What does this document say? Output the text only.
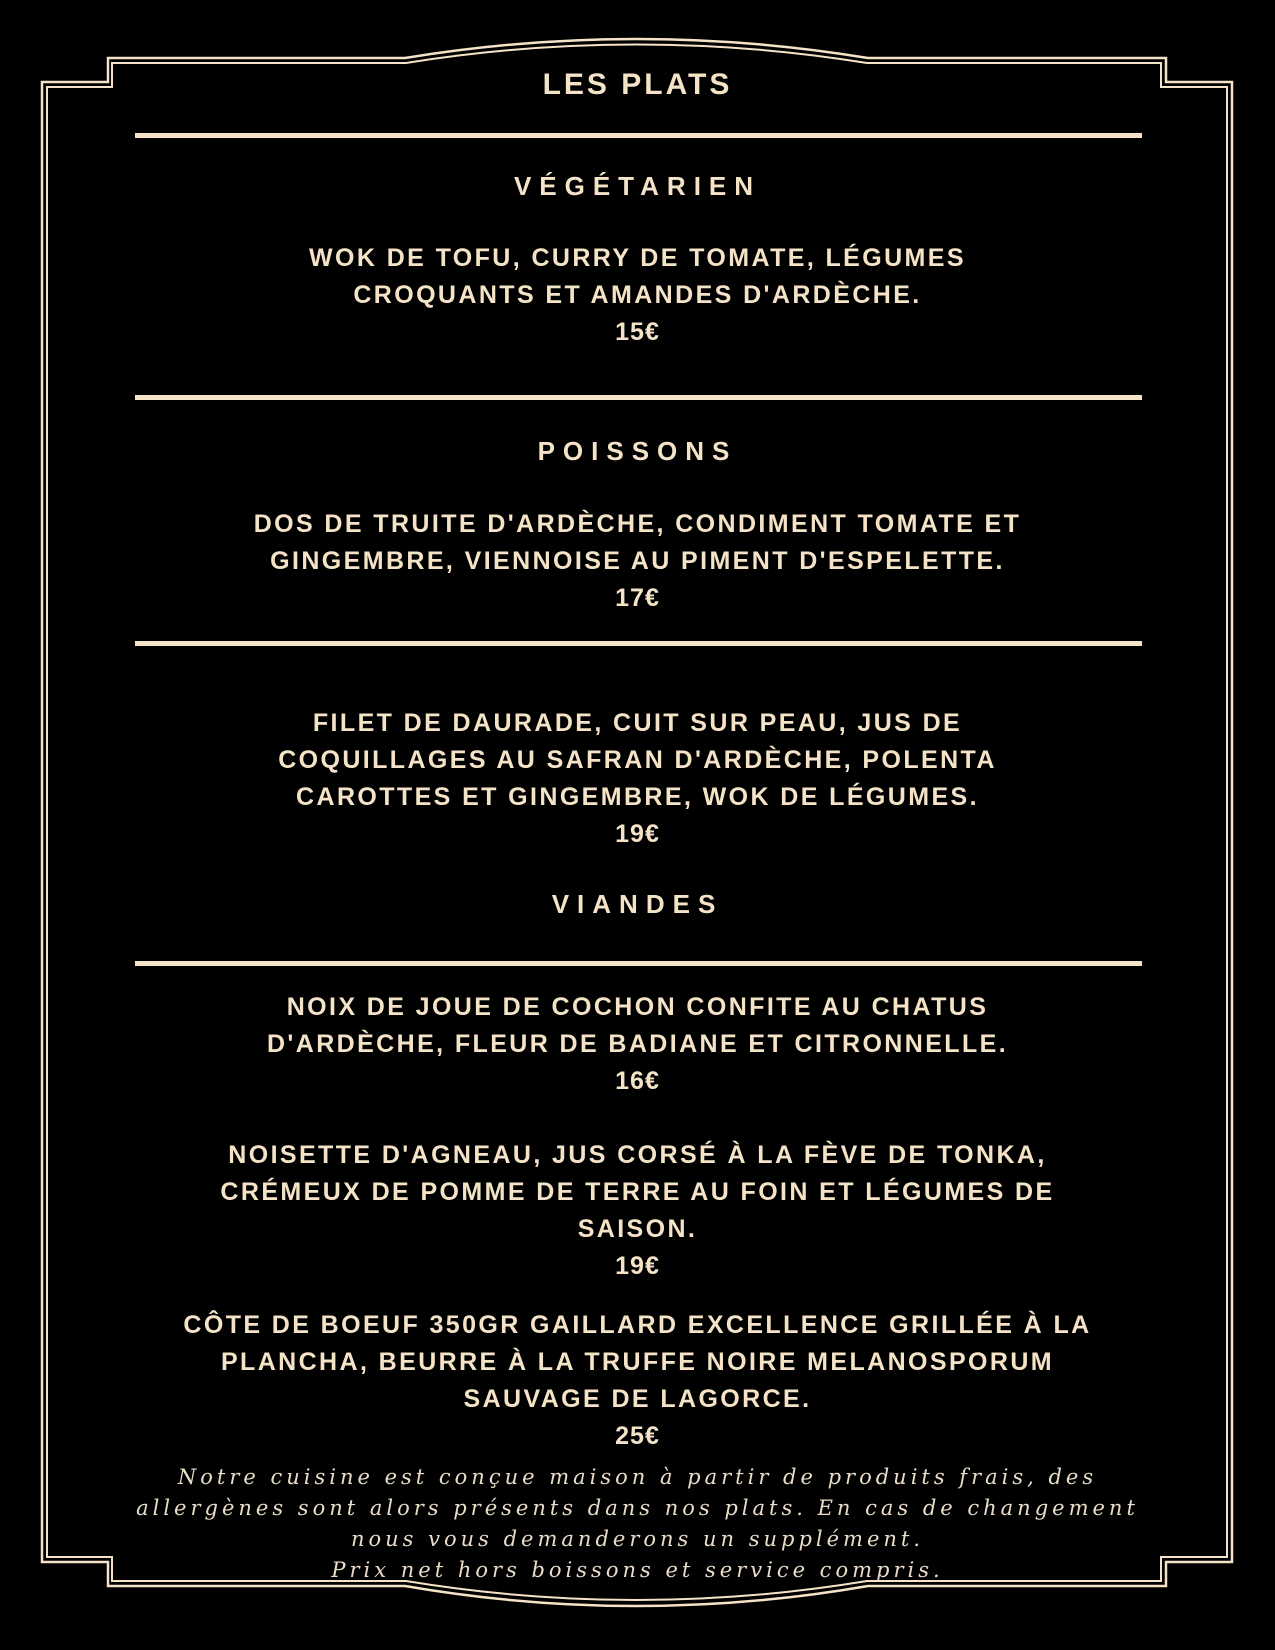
LES PLATS
VÉGÉTARIEN
WOK DE TOFU, CURRY DE TOMATE, LÉGUMES
CROQUANTS ET AMANDES D'ARDÈCHE.
15€
POISSONS
DOS DE TRUITE D'ARDÈCHE, CONDIMENT TOMATE ET
GINGEMBRE, VIENNOISE AU PIMENT D'ESPELETTE.
17€
FILET DE DAURADE, CUIT SUR PEAU, JUS DE
COQUILLAGES AU SAFRAN D'ARDÈCHE, POLENTA
CAROTTES ET GINGEMBRE, WOK DE LÉGUMES.
19€
VIANDES
NOIX DE JOUE DE COCHON CONFITE AU CHATUS
D'ARDÈCHE, FLEUR DE BADIANE ET CITRONNELLE.
16€
NOISETTE D'AGNEAU, JUS CORSÉ À LA FÈVE DE TONKA,
CRÉMEUX DE POMME DE TERRE AU FOIN ET LÉGUMES DE
SAISON.
19€
CÔTE DE BOEUF 350GR GAILLARD EXCELLENCE GRILLÉE À LA
PLANCHA, BEURRE À LA TRUFFE NOIRE MELANOSPORUM
SAUVAGE DE LAGORCE.
25€
Notre cuisine est conçue maison à partir de produits frais, des
allergènes sont alors présents dans nos plats. En cas de changement
nous vous demanderons un supplément.
Prix net hors boissons et service compris.
